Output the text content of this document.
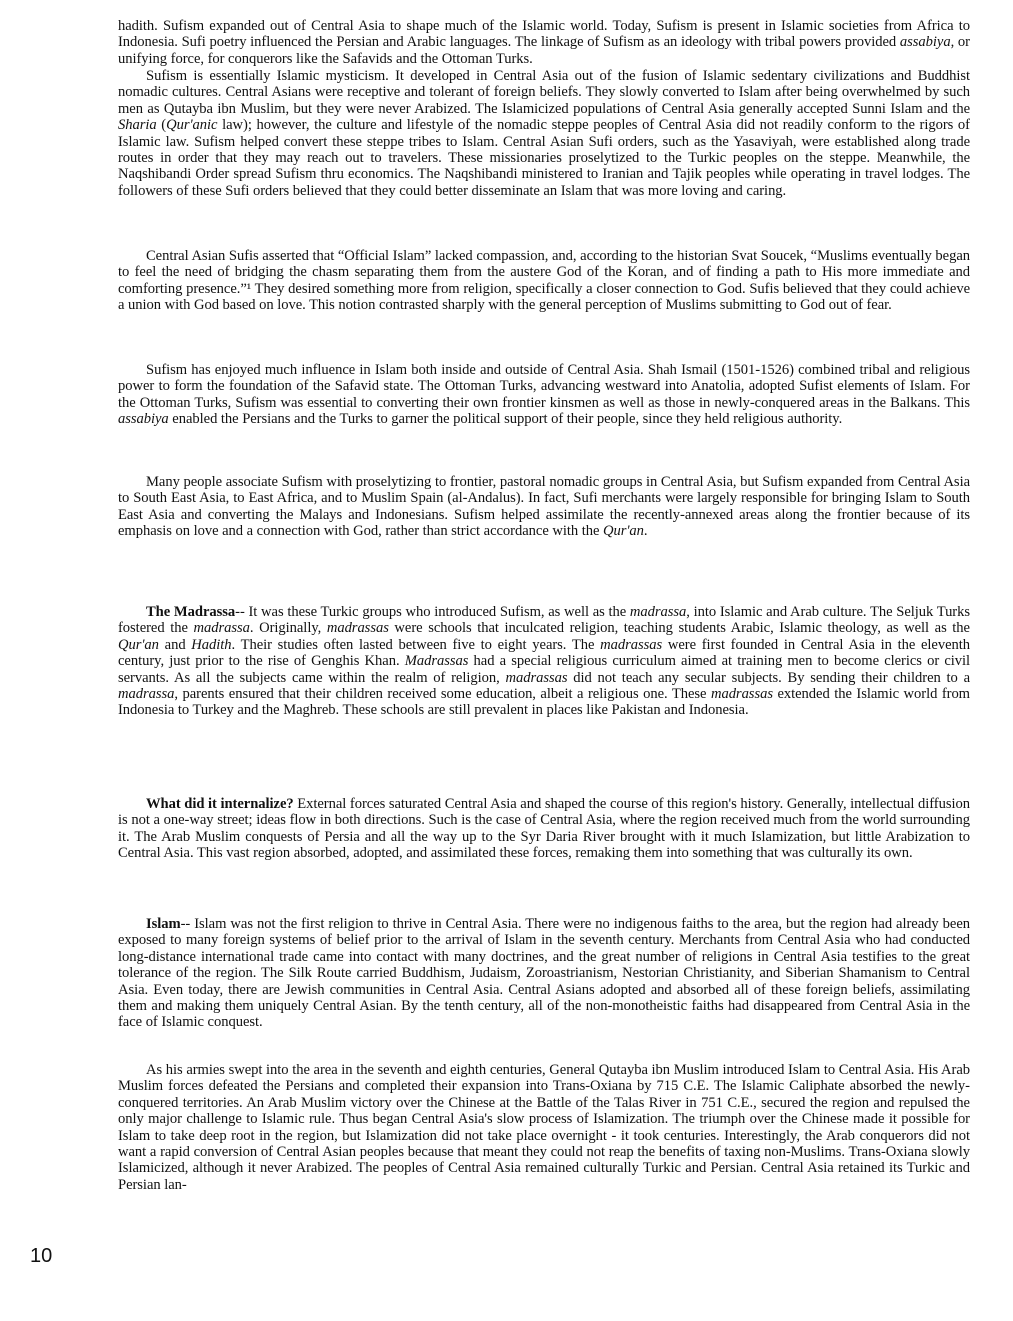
hadith. Sufism expanded out of Central Asia to shape much of the Islamic world. Today, Sufism is present in Islamic societies from Africa to Indonesia. Sufi poetry influenced the Persian and Arabic languages. The linkage of Sufism as an ideology with tribal powers provided assabiya, or unifying force, for conquerors like the Safavids and the Ottoman Turks.

Sufism is essentially Islamic mysticism. It developed in Central Asia out of the fusion of Islamic sedentary civilizations and Buddhist nomadic cultures. Central Asians were receptive and tolerant of foreign beliefs. They slowly converted to Islam after being overwhelmed by such men as Qutayba ibn Muslim, but they were never Arabized. The Islamicized populations of Central Asia generally accepted Sunni Islam and the Sharia (Qur'anic law); however, the culture and lifestyle of the nomadic steppe peoples of Central Asia did not readily conform to the rigors of Islamic law. Sufism helped convert these steppe tribes to Islam. Central Asian Sufi orders, such as the Yasaviyah, were established along trade routes in order that they may reach out to travelers. These missionaries proselytized to the Turkic peoples on the steppe. Meanwhile, the Naqshibandi Order spread Sufism thru economics. The Naqshibandi ministered to Iranian and Tajik peoples while operating in travel lodges. The followers of these Sufi orders believed that they could better disseminate an Islam that was more loving and caring.

Central Asian Sufis asserted that “Official Islam” lacked compassion, and, according to the historian Svat Soucek, “Muslims eventually began to feel the need of bridging the chasm separating them from the austere God of the Koran, and of finding a path to His more immediate and comforting presence.”¹ They desired something more from religion, specifically a closer connection to God. Sufis believed that they could achieve a union with God based on love. This notion contrasted sharply with the general perception of Muslims submitting to God out of fear.

Sufism has enjoyed much influence in Islam both inside and outside of Central Asia. Shah Ismail (1501-1526) combined tribal and religious power to form the foundation of the Safavid state. The Ottoman Turks, advancing westward into Anatolia, adopted Sufist elements of Islam. For the Ottoman Turks, Sufism was essential to converting their own frontier kinsmen as well as those in newly-conquered areas in the Balkans. This assabiya enabled the Persians and the Turks to garner the political support of their people, since they held religious authority.

Many people associate Sufism with proselytizing to frontier, pastoral nomadic groups in Central Asia, but Sufism expanded from Central Asia to South East Asia, to East Africa, and to Muslim Spain (al-Andalus). In fact, Sufi merchants were largely responsible for bringing Islam to South East Asia and converting the Malays and Indonesians. Sufism helped assimilate the recently-annexed areas along the frontier because of its emphasis on love and a connection with God, rather than strict accordance with the Qur'an.

The Madrassa-- It was these Turkic groups who introduced Sufism, as well as the madrassa, into Islamic and Arab culture. The Seljuk Turks fostered the madrassa. Originally, madrassas were schools that inculcated religion, teaching students Arabic, Islamic theology, as well as the Qur'an and Hadith. Their studies often lasted between five to eight years. The madrassas were first founded in Central Asia in the eleventh century, just prior to the rise of Genghis Khan. Madrassas had a special religious curriculum aimed at training men to become clerics or civil servants. As all the subjects came within the realm of religion, madrassas did not teach any secular subjects. By sending their children to a madrassa, parents ensured that their children received some education, albeit a religious one. These madrassas extended the Islamic world from Indonesia to Turkey and the Maghreb. These schools are still prevalent in places like Pakistan and Indonesia.

What did it internalize? External forces saturated Central Asia and shaped the course of this region's history. Generally, intellectual diffusion is not a one-way street; ideas flow in both directions. Such is the case of Central Asia, where the region received much from the world surrounding it. The Arab Muslim conquests of Persia and all the way up to the Syr Daria River brought with it much Islamization, but little Arabization to Central Asia. This vast region absorbed, adopted, and assimilated these forces, remaking them into something that was culturally its own.

Islam-- Islam was not the first religion to thrive in Central Asia. There were no indigenous faiths to the area, but the region had already been exposed to many foreign systems of belief prior to the arrival of Islam in the seventh century. Merchants from Central Asia who had conducted long-distance international trade came into contact with many doctrines, and the great number of religions in Central Asia testifies to the great tolerance of the region. The Silk Route carried Buddhism, Judaism, Zoroastrianism, Nestorian Christianity, and Siberian Shamanism to Central Asia. Even today, there are Jewish communities in Central Asia. Central Asians adopted and absorbed all of these foreign beliefs, assimilating them and making them uniquely Central Asian. By the tenth century, all of the non-monotheistic faiths had disappeared from Central Asia in the face of Islamic conquest.

As his armies swept into the area in the seventh and eighth centuries, General Qutayba ibn Muslim introduced Islam to Central Asia. His Arab Muslim forces defeated the Persians and completed their expansion into Trans-Oxiana by 715 C.E. The Islamic Caliphate absorbed the newly-conquered territories. An Arab Muslim victory over the Chinese at the Battle of the Talas River in 751 C.E., secured the region and repulsed the only major challenge to Islamic rule. Thus began Central Asia's slow process of Islamization. The triumph over the Chinese made it possible for Islam to take deep root in the region, but Islamization did not take place overnight - it took centuries. Interestingly, the Arab conquerors did not want a rapid conversion of Central Asian peoples because that meant they could not reap the benefits of taxing non-Muslims. Trans-Oxiana slowly Islamicized, although it never Arabized. The peoples of Central Asia remained culturally Turkic and Persian. Central Asia retained its Turkic and Persian lan-

10
